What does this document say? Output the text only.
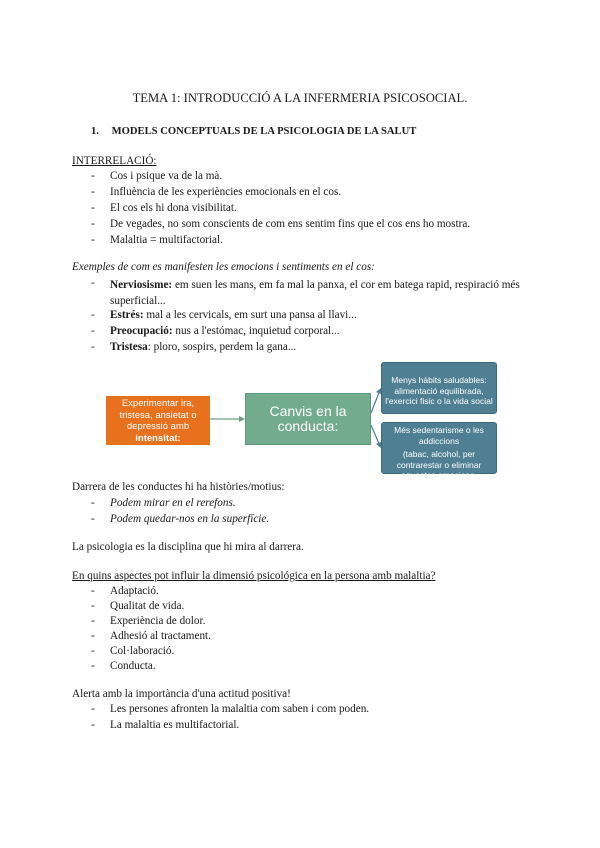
TEMA 1: INTRODUCCIÓ A LA INFERMERIA PSICOSOCIAL.
1. MODELS CONCEPTUALS DE LA PSICOLOGIA DE LA SALUT
INTERRELACIÓ:
- Cos i psique va de la mà.
- Influència de les experiències emocionals en el cos.
- El cos els hi dona visibilitat.
- De vegades, no som conscients de com ens sentim fins que el cos ens ho mostra.
- Malaltia = multifactorial.
Exemples de com es manifesten les emocions i sentiments en el cos:
- Nerviosisme: em suen les mans, em fa mal la panxa, el cor em batega rapid, respiració més superficial...
- Estrés: mal a les cervicals, em surt una pansa al llavi...
- Preocupació: nus a l'estómac, inquietud corporal...
- Tristesa: ploro, sospirs, perdem la gana...
Experimentar ira, tristesa, ansietat o depressió amb
intensitat:
Canvis en la conducta:
Menys hàbits saludables: alimentació equilibrada, l'exercici fisic o la vida social
Més sedentarisme o les addiccions
(tabac, alcohol, per contrarestar o eliminar aquestes emocions.
Darrera de les conductes hi ha històries/motius:
- Podem mirar en el rerefons.
- Podem quedar-nos en la superfície.
La psicologia es la disciplina que hi mira al darrera.
En quins aspectes pot influir la dimensió psicológica en la persona amb malaltia?
- Adaptació.
- Qualitat de vida.
- Experiència de dolor.
- Adhesió al tractament.
- Col·laboració.
- Conducta.
Alerta amb la importància d'una actitud positiva!
- Les persones afronten la malaltia com saben i com poden.
- La malaltia es multifactorial.
